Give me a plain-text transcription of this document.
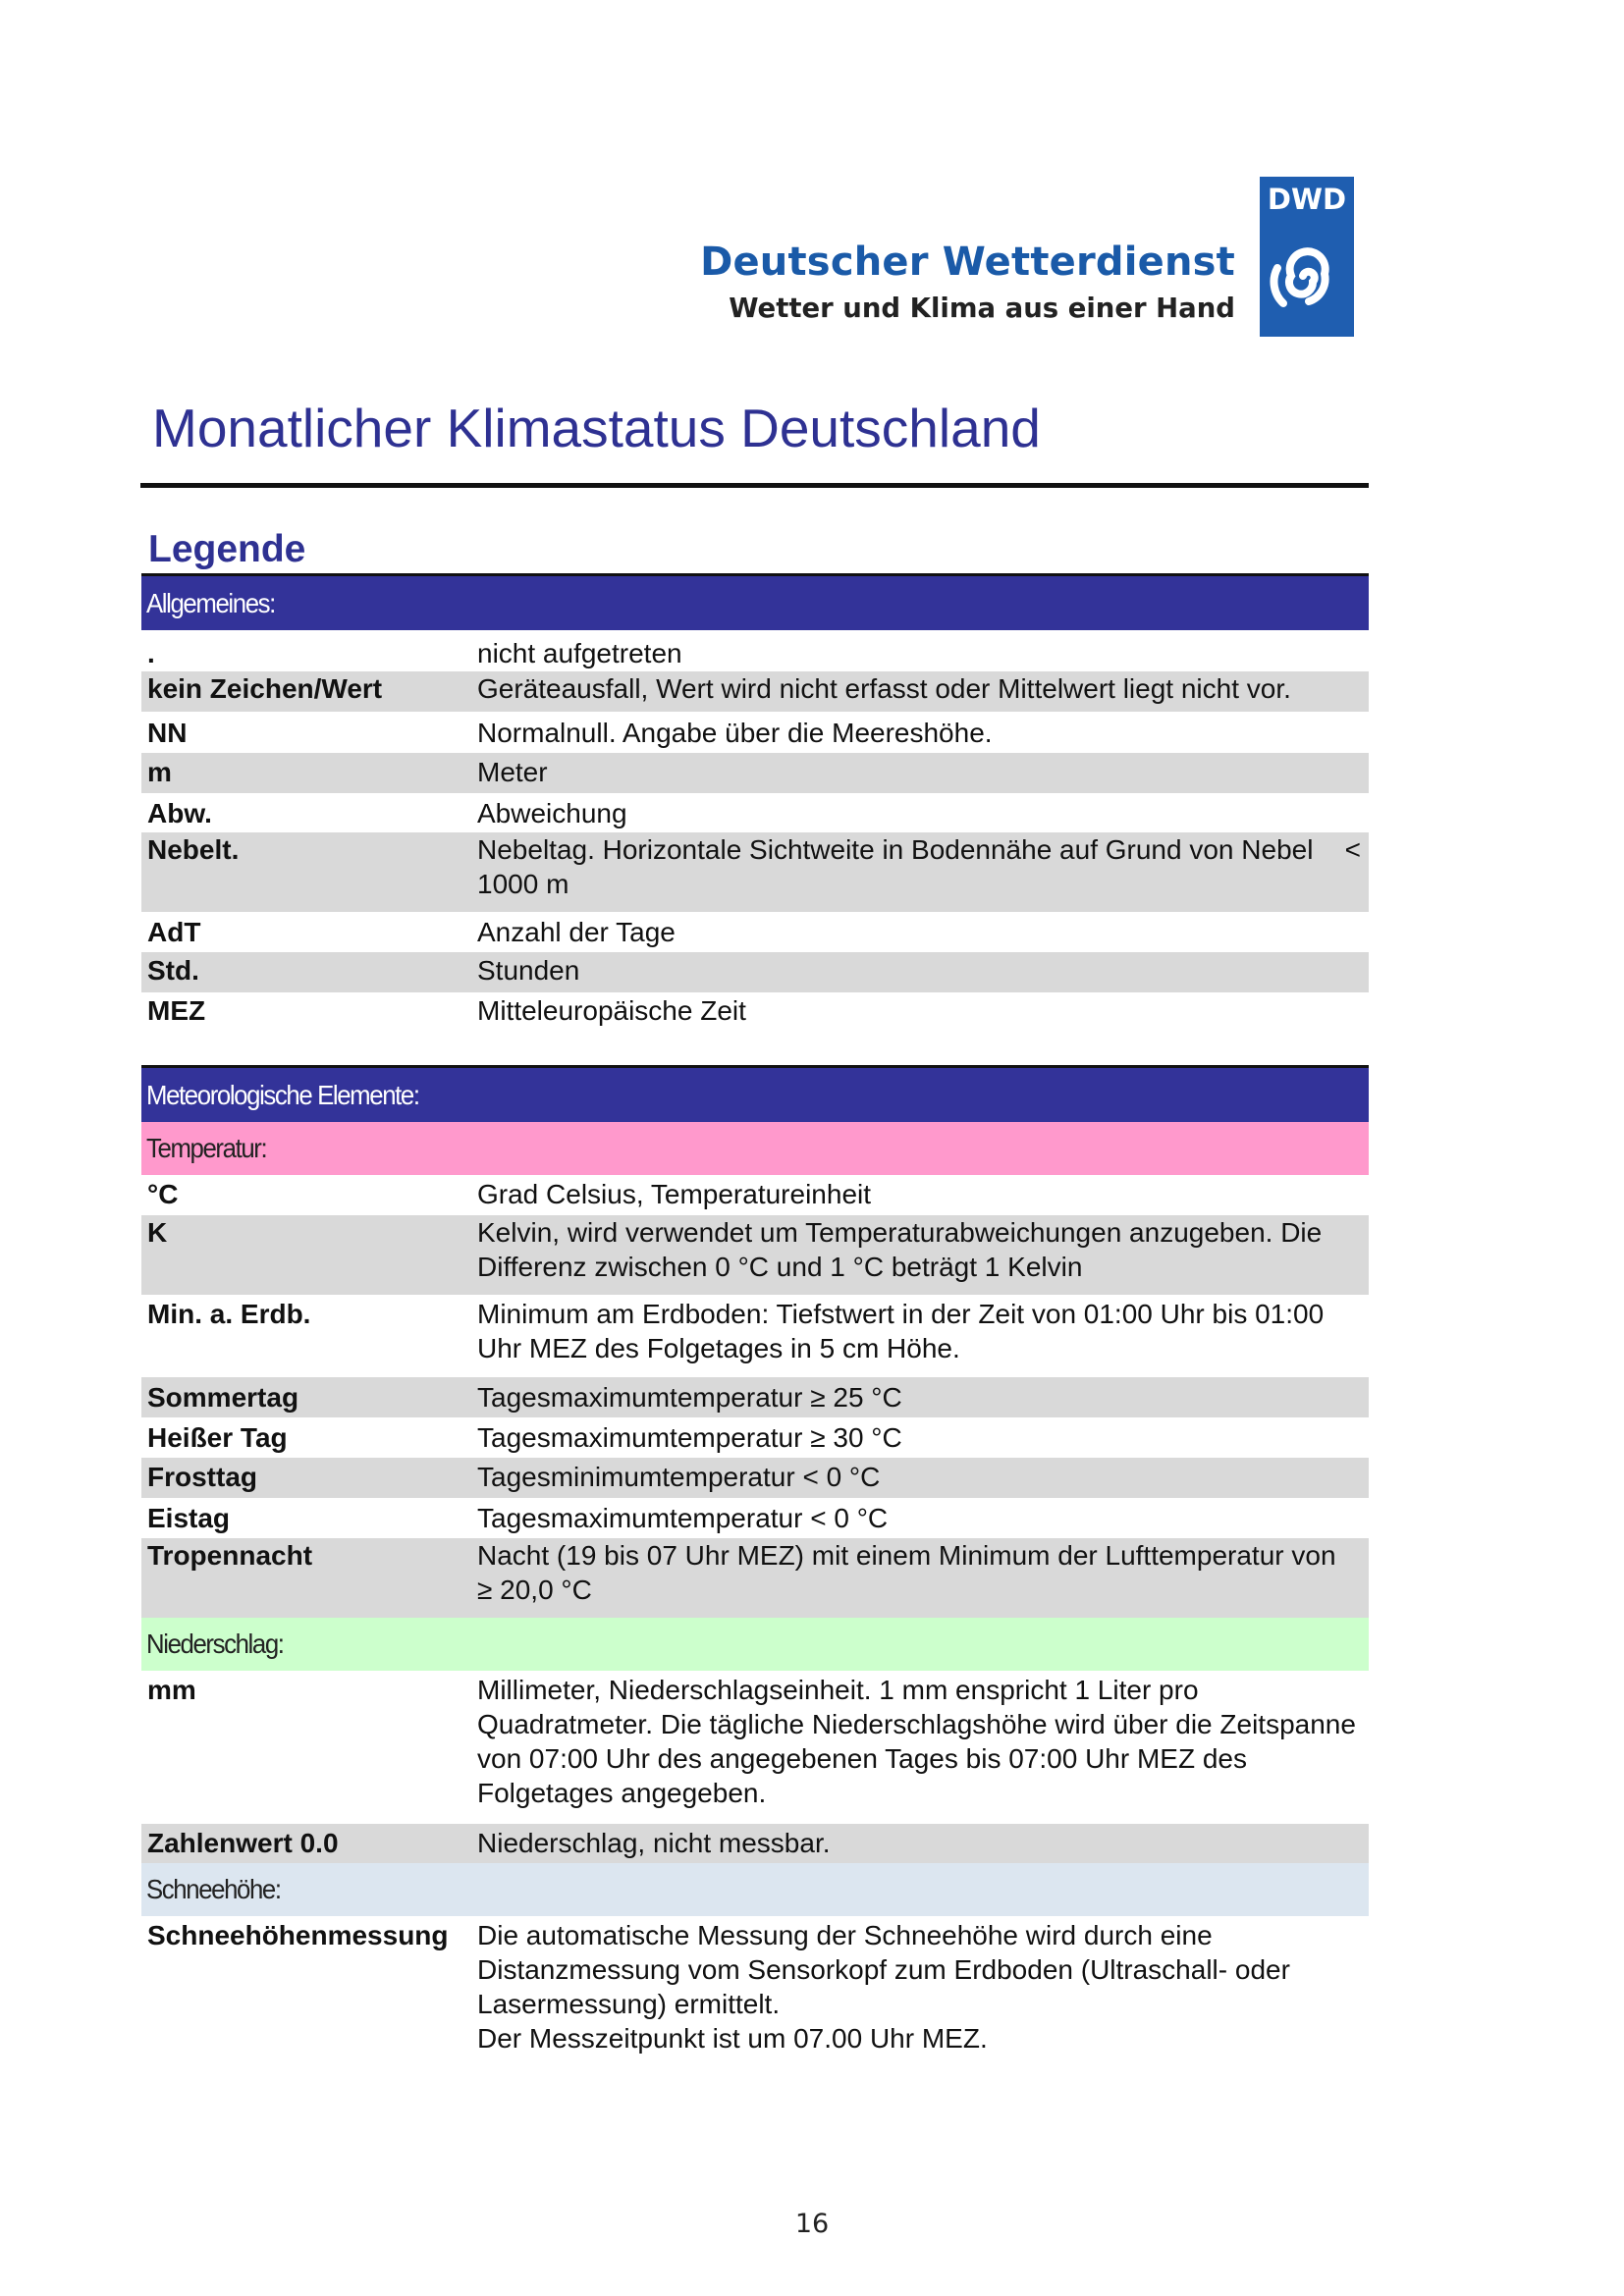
Deutscher Wetterdienst
Wetter und Klima aus einer Hand
DWD
Monatlicher Klimastatus Deutschland
Legende
Allgemeines:
.	nicht aufgetreten
kein Zeichen/Wert	Geräteausfall, Wert wird nicht erfasst oder Mittelwert liegt nicht vor.
NN	Normalnull. Angabe über die Meereshöhe.
m	Meter
Abw.	Abweichung
Nebelt.	Nebeltag. Horizontale Sichtweite in Bodennähe auf Grund von Nebel <
1000 m
AdT	Anzahl der Tage
Std.	Stunden
MEZ	Mitteleuropäische Zeit
Meteorologische Elemente:
Temperatur:
°C	Grad Celsius, Temperatureinheit
K	Kelvin, wird verwendet um Temperaturabweichungen anzugeben. Die
Differenz zwischen 0 °C und 1 °C beträgt 1 Kelvin
Min. a. Erdb.	Minimum am Erdboden: Tiefstwert in der Zeit von 01:00 Uhr bis 01:00
Uhr MEZ des Folgetages in 5 cm Höhe.
Sommertag	Tagesmaximumtemperatur ≥ 25 °C
Heißer Tag	Tagesmaximumtemperatur ≥ 30 °C
Frosttag	Tagesminimumtemperatur < 0 °C
Eistag	Tagesmaximumtemperatur < 0 °C
Tropennacht	Nacht (19 bis 07 Uhr MEZ) mit einem Minimum der Lufttemperatur von
≥ 20,0 °C
Niederschlag:
mm	Millimeter, Niederschlagseinheit. 1 mm enspricht 1 Liter pro
Quadratmeter. Die tägliche Niederschlagshöhe wird über die Zeitspanne
von 07:00 Uhr des angegebenen Tages bis 07:00 Uhr MEZ des
Folgetages angegeben.
Zahlenwert 0.0	Niederschlag, nicht messbar.
Schneehöhe:
Schneehöhenmessung	Die automatische Messung der Schneehöhe wird durch eine
Distanzmessung vom Sensorkopf zum Erdboden (Ultraschall- oder
Lasermessung) ermittelt.
Der Messzeitpunkt ist um 07.00 Uhr MEZ.
16
